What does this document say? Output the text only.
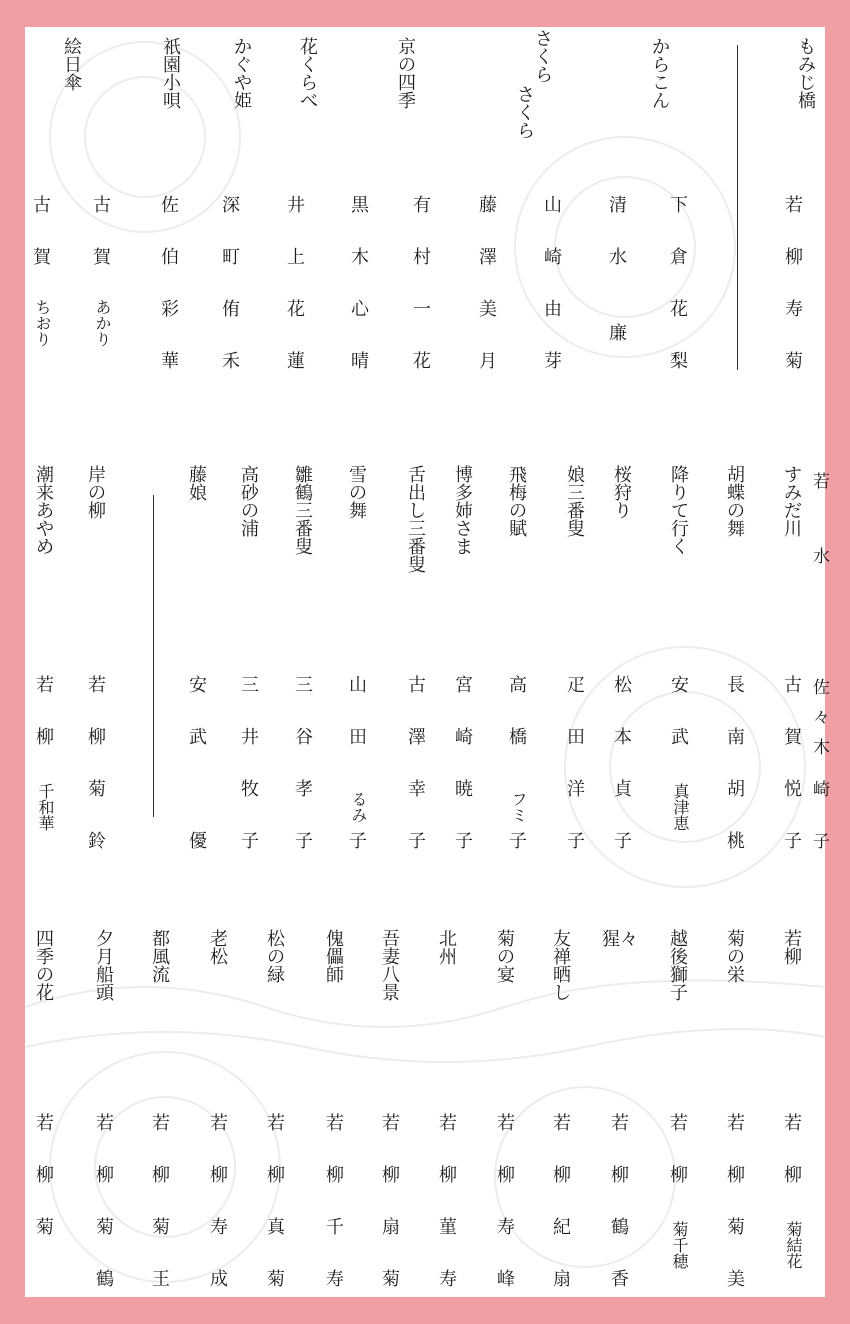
もみじ橋
からこん
さくら
さくら
京の四季
花くらべ
かぐや姫
祇園小唄
絵日傘
若
柳
寿
菊
下
倉
花
梨
清
水
山
崎
由
芽
藤
澤
美
月
有
村
一
花
黒
木
心
晴
井
上
花
蓮
深
町
侑
禾
佐
伯
彩
華
古
賀
古
賀
廉
あかり
ちおり
すみだ川
胡蝶の舞
降りて行く
桜狩り
娘三番叟
飛梅の賦
博多姉さま
舌出し三番叟
雪の舞
雛鶴三番叟
高砂の浦
藤娘
岸の柳
潮来あやめ
古
賀
悦
子
長
南
胡
桃
安
武
真津恵
松
本
貞
子
疋
田
洋
子
高
橋
フミ
子
宮
崎
暁
子
古
澤
幸
子
山
田
るみ
子
三
谷
孝
子
三
井
牧
子
安
武
優
若
柳
菊
鈴
若
柳
千和華
若
水
佐
々
木
崎
子
若柳
菊の栄
越後獅子
猩々
友禅晒し
菊の宴
北州
吾妻八景
傀儡師
松の緑
老松
都風流
夕月船頭
四季の花
若
柳
菊結花
若
柳
菊
美
若
柳
菊千穂
若
柳
鶴
香
若
柳
紀
扇
若
柳
寿
峰
若
柳
菫
寿
若
柳
扇
菊
若
柳
千
寿
若
柳
真
菊
若
柳
寿
成
若
柳
菊
王
若
柳
菊
鶴
若
柳
菊
